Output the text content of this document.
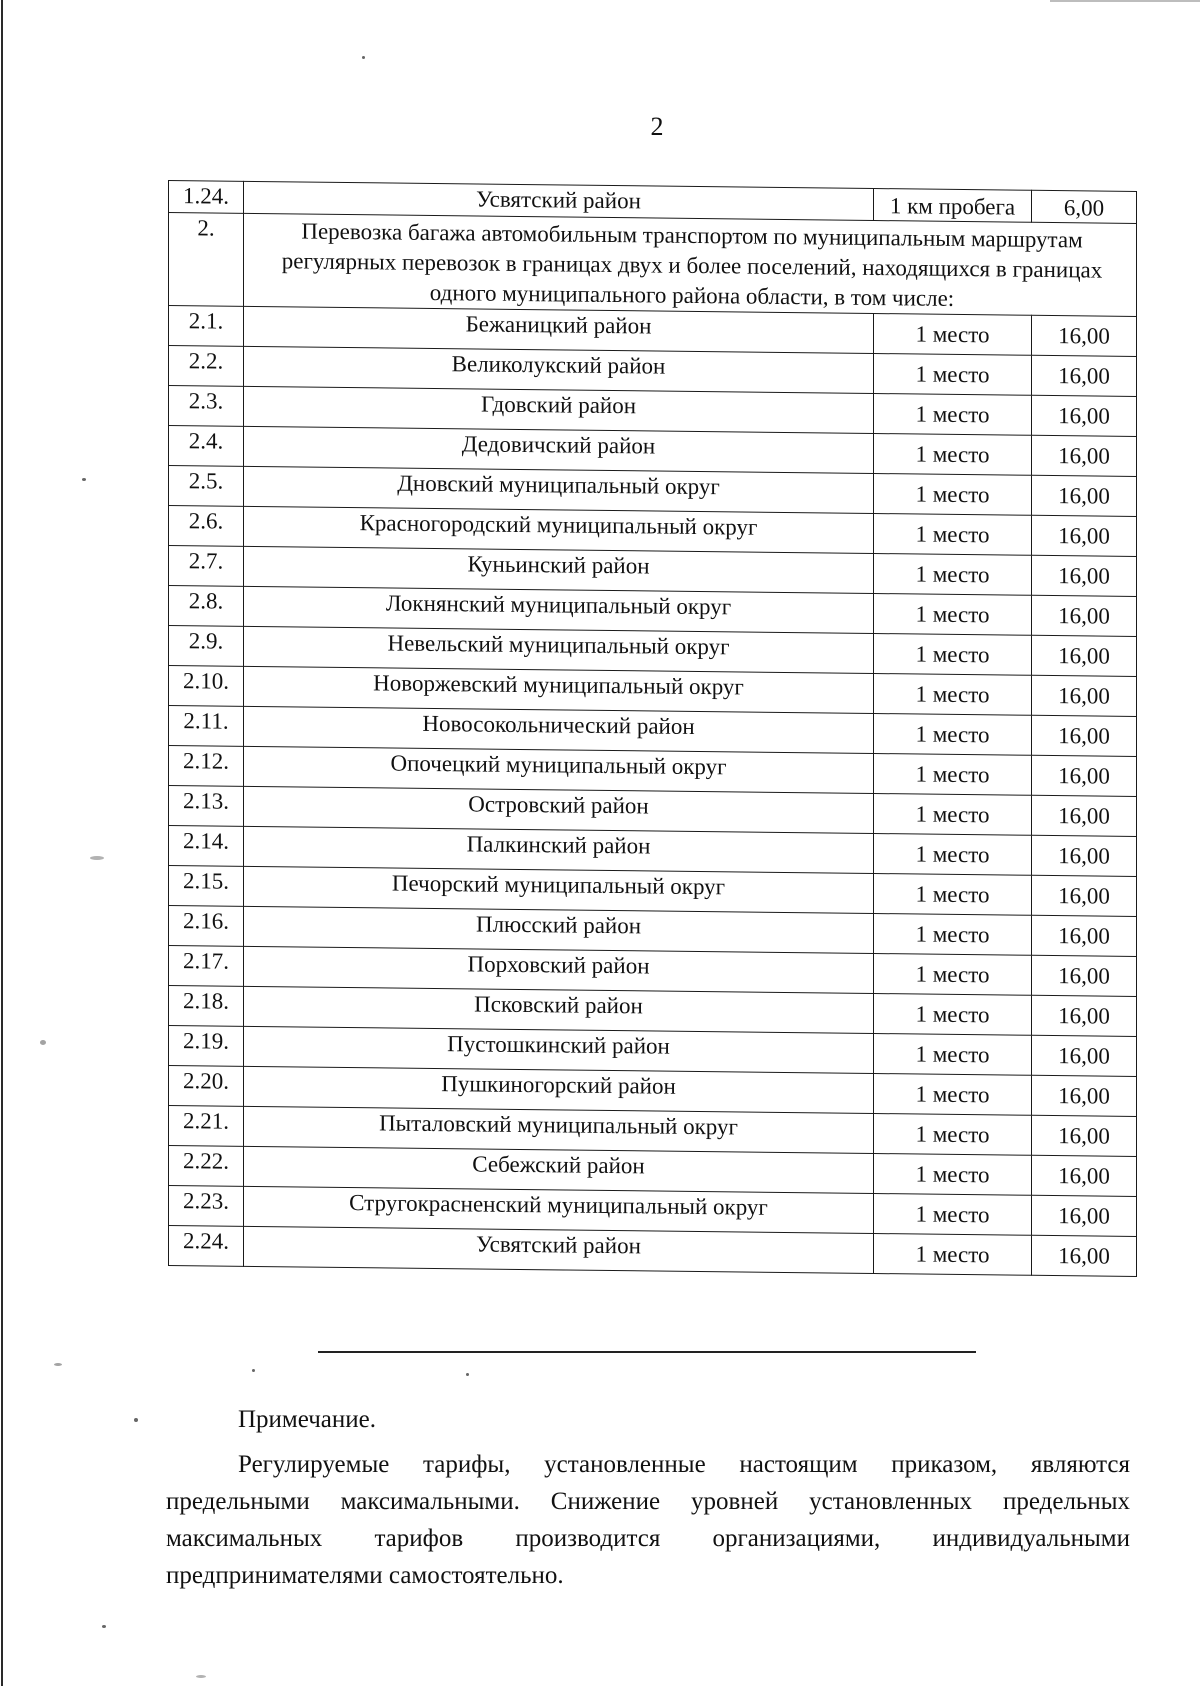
2
1.24.	Усвятский район	1 км пробега	6,00
2.	Перевозка багажа автомобильным транспортом по муниципальным маршрутам регулярных перевозок в границах двух и более поселений, находящихся в границах одного муниципального района области, в том числе:		
2.1.	Бежаницкий район	1 место	16,00
2.2.	Великолукский район	1 место	16,00
2.3.	Гдовский район	1 место	16,00
2.4.	Дедовичский район	1 место	16,00
2.5.	Дновский муниципальный округ	1 место	16,00
2.6.	Красногородский муниципальный округ	1 место	16,00
2.7.	Куньинский район	1 место	16,00
2.8.	Локнянский муниципальный округ	1 место	16,00
2.9.	Невельский муниципальный округ	1 место	16,00
2.10.	Новоржевский муниципальный округ	1 место	16,00
2.11.	Новосокольнический район	1 место	16,00
2.12.	Опочецкий муниципальный округ	1 место	16,00
2.13.	Островский район	1 место	16,00
2.14.	Палкинский район	1 место	16,00
2.15.	Печорский муниципальный округ	1 место	16,00
2.16.	Плюсский район	1 место	16,00
2.17.	Порховский район	1 место	16,00
2.18.	Псковский район	1 место	16,00
2.19.	Пустошкинский район	1 место	16,00
2.20.	Пушкиногорский район	1 место	16,00
2.21.	Пыталовский муниципальный округ	1 место	16,00
2.22.	Себежский район	1 место	16,00
2.23.	Стругокрасненский муниципальный округ	1 место	16,00
2.24.	Усвятский район	1 место	16,00
Примечание.
Регулируемые тарифы, установленные настоящим приказом, являются предельными максимальными. Снижение уровней установленных предельных максимальных тарифов производится организациями, индивидуальными предпринимателями самостоятельно.
